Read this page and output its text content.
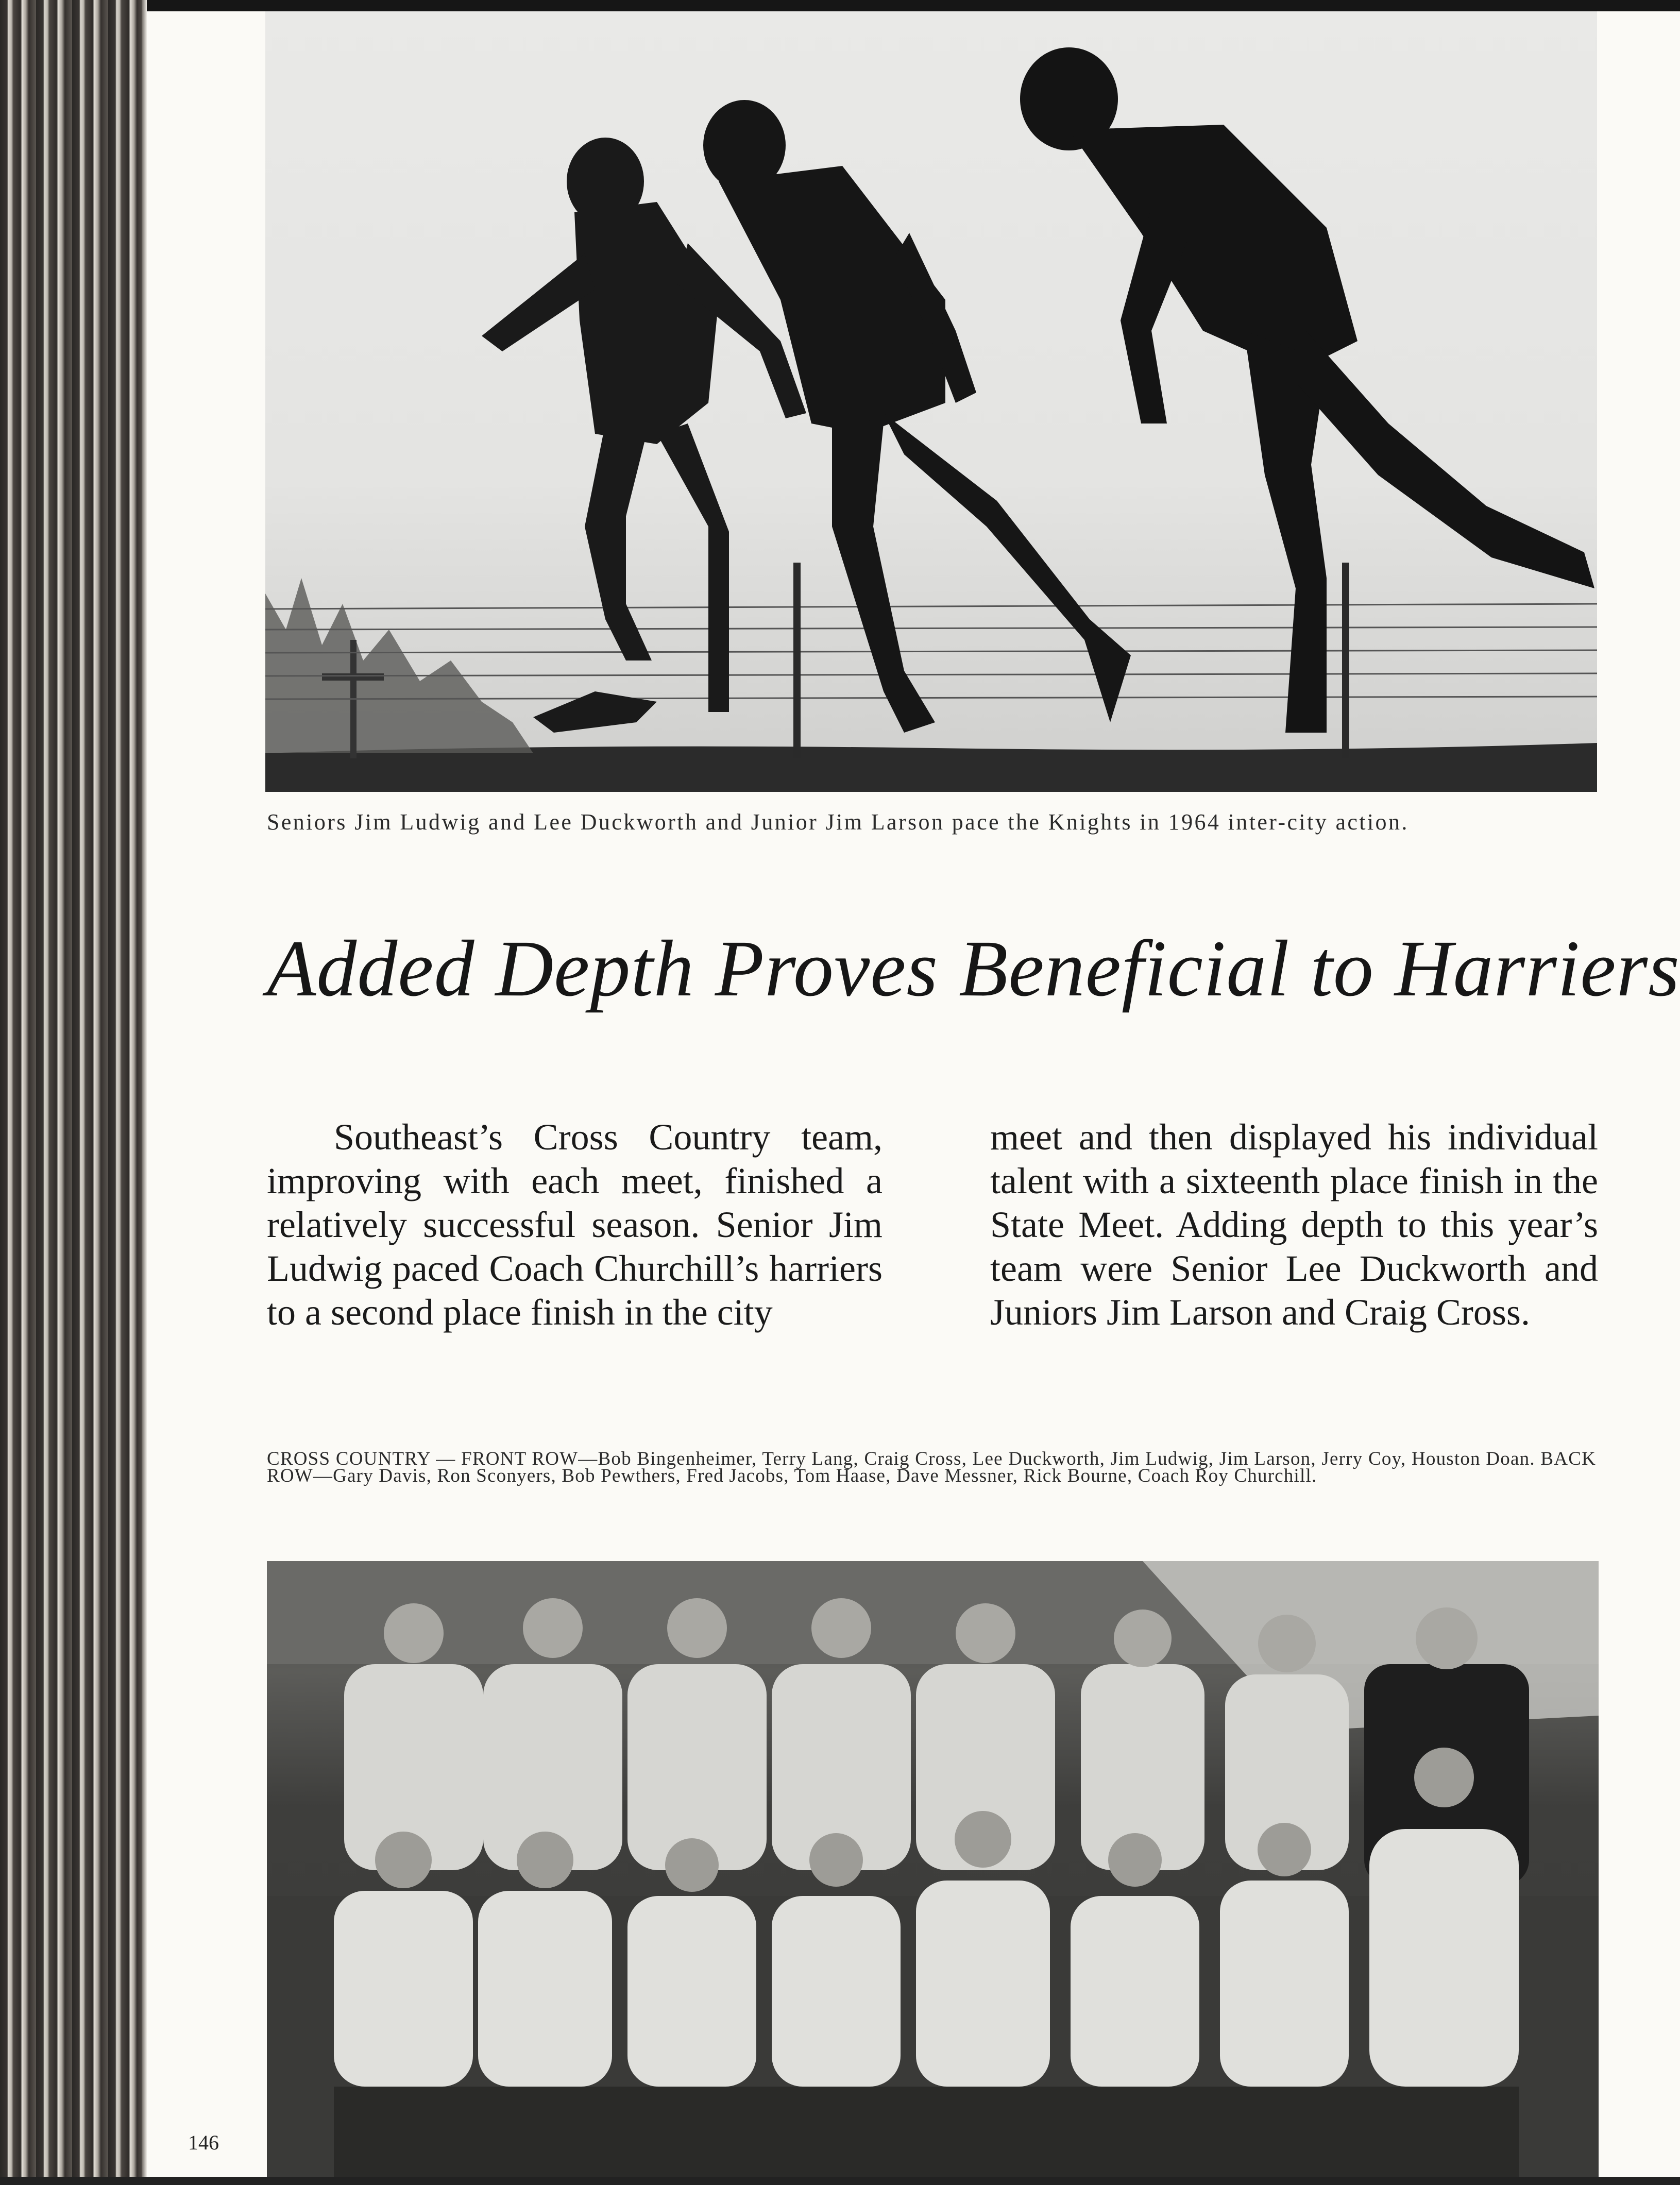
Seniors Jim Ludwig and Lee Duckworth and Junior Jim Larson pace the Knights in 1964 inter-city action.
Added Depth Proves Beneficial to Harriers

Southeast’s Cross Country team, improving with each meet, finished a relatively successful season. Senior Jim Ludwig paced Coach Churchill’s harriers to a second place finish in the city

meet and then displayed his individual talent with a sixteenth place finish in the State Meet. Adding depth to this year’s team were Senior Lee Duckworth and Juniors Jim Larson and Craig Cross.

CROSS COUNTRY — FRONT ROW—Bob Bingenheimer, Terry Lang, Craig Cross, Lee Duckworth, Jim Ludwig, Jim Larson, Jerry Coy, Houston Doan. BACK ROW—Gary Davis, Ron Sconyers, Bob Pewthers, Fred Jacobs, Tom Haase, Dave Messner, Rick Bourne, Coach Roy Churchill.

146
